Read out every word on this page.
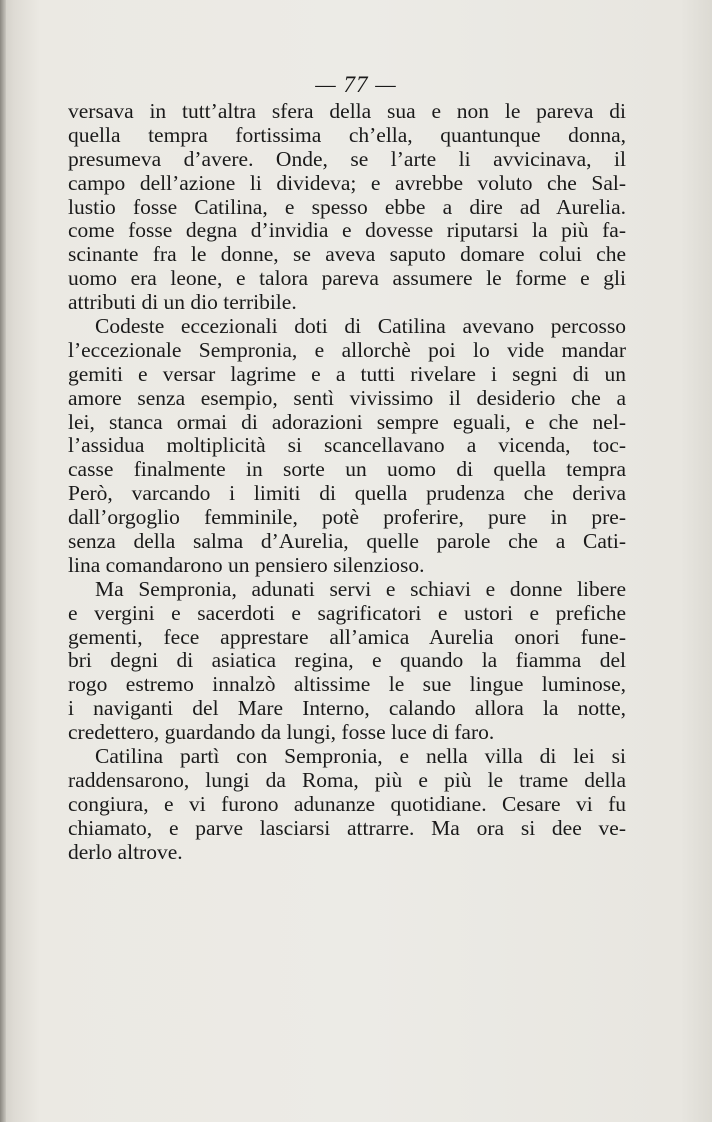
— 77 —
versava in tutt’altra sfera della sua e non le pareva di
quella tempra fortissima ch’ella, quantunque donna,
presumeva d’avere. Onde, se l’arte li avvicinava, il
campo dell’azione li divideva; e avrebbe voluto che Sal-
lustio fosse Catilina, e spesso ebbe a dire ad Aurelia.
come fosse degna d’invidia e dovesse riputarsi la più fa-
scinante fra le donne, se aveva saputo domare colui che
uomo era leone, e talora pareva assumere le forme e gli
attributi di un dio terribile.
Codeste eccezionali doti di Catilina avevano percosso
l’eccezionale Sempronia, e allorchè poi lo vide mandar
gemiti e versar lagrime e a tutti rivelare i segni di un
amore senza esempio, sentì vivissimo il desiderio che a
lei, stanca ormai di adorazioni sempre eguali, e che nel-
l’assidua moltiplicità si scancellavano a vicenda, toc-
casse finalmente in sorte un uomo di quella tempra
Però, varcando i limiti di quella prudenza che deriva
dall’orgoglio femminile, potè proferire, pure in pre-
senza della salma d’Aurelia, quelle parole che a Cati-
lina comandarono un pensiero silenzioso.
Ma Sempronia, adunati servi e schiavi e donne libere
e vergini e sacerdoti e sagrificatori e ustori e prefiche
gementi, fece apprestare all’amica Aurelia onori fune-
bri degni di asiatica regina, e quando la fiamma del
rogo estremo innalzò altissime le sue lingue luminose,
i naviganti del Mare Interno, calando allora la notte,
credettero, guardando da lungi, fosse luce di faro.
Catilina partì con Sempronia, e nella villa di lei si
raddensarono, lungi da Roma, più e più le trame della
congiura, e vi furono adunanze quotidiane. Cesare vi fu
chiamato, e parve lasciarsi attrarre. Ma ora si dee ve-
derlo altrove.
